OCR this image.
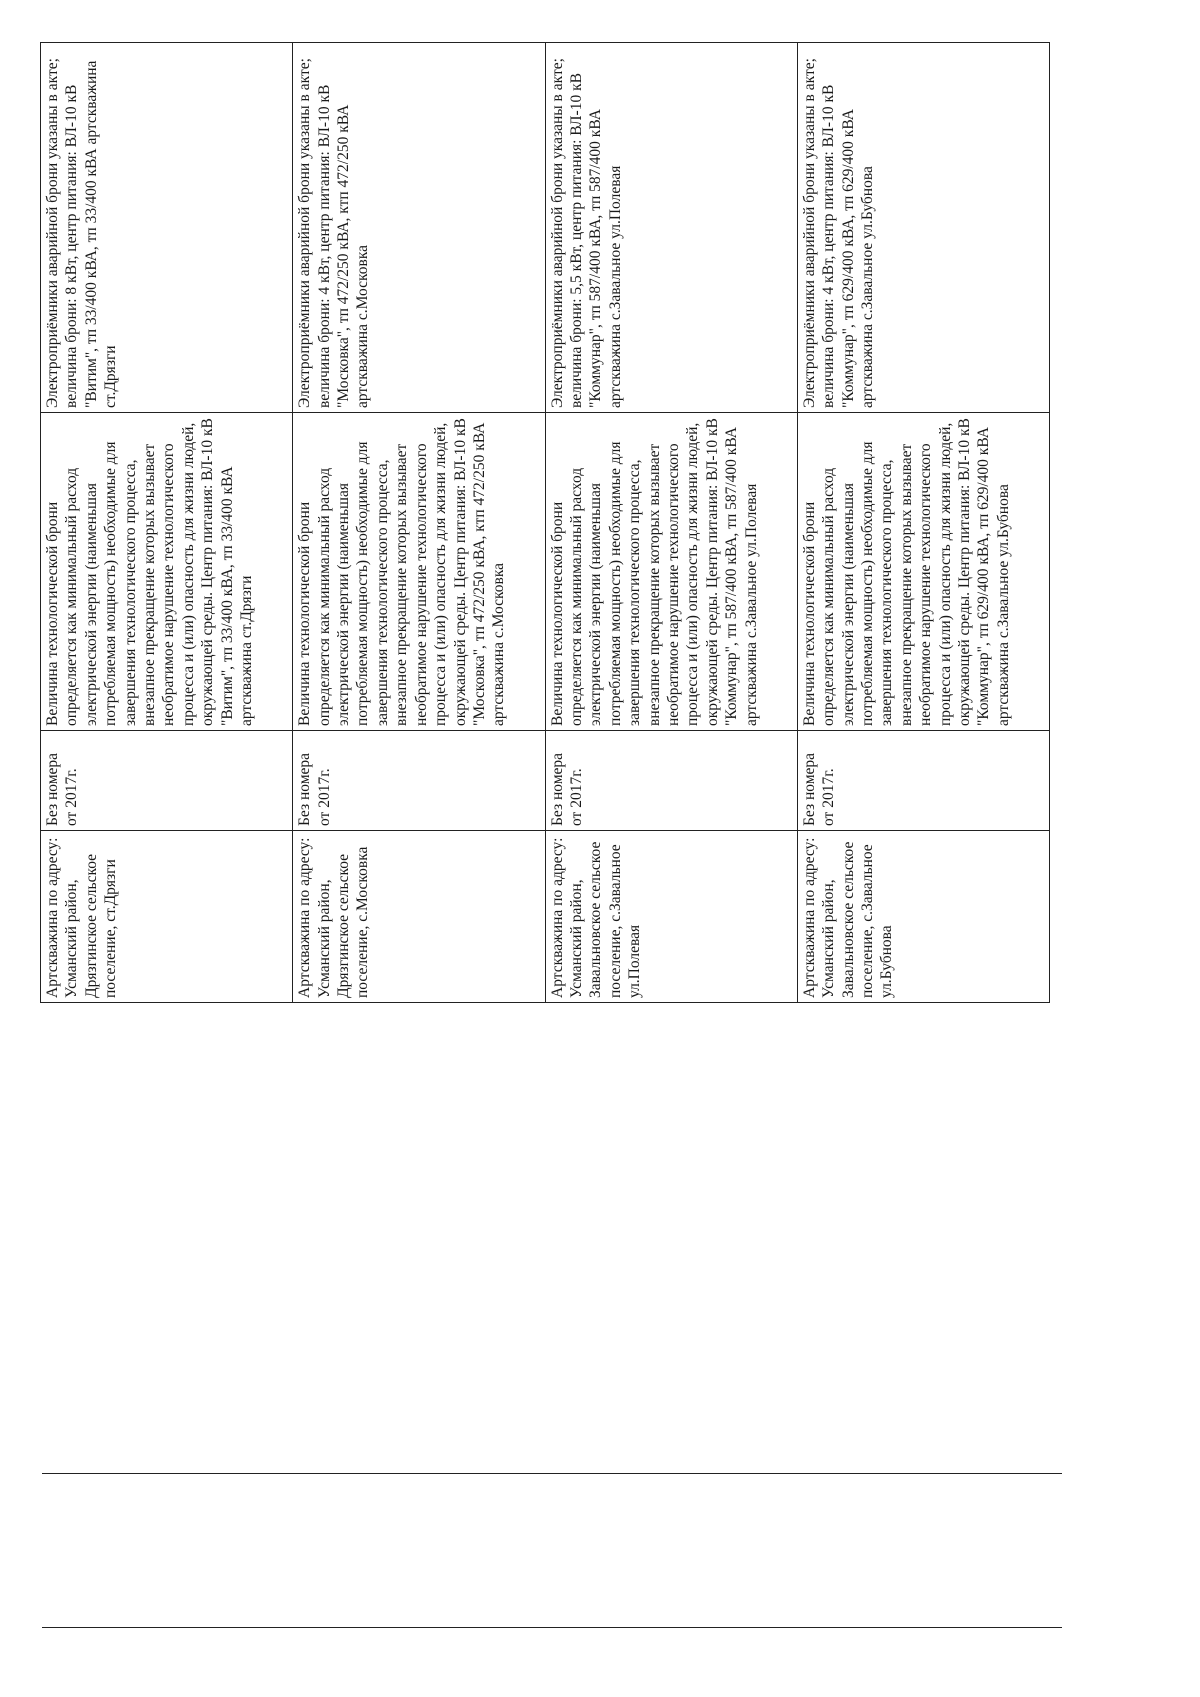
Артскважина по адресу: Усманский район, Дрязгинское сельское поселение, ст.Дрязги	Без номера от 2017г.	Величина технологической брони определяется как минимальный расход электрической энергии (наименьшая потребляемая мощность) необходимые для завершения технологического процесса, внезапное прекращение которых вызывает необратимое нарушение технологического процесса и (или) опасность для жизни людей, окружающей среды. Центр питания: ВЛ-10 кВ "Витим", тп 33/400 кВА, тп 33/400 кВА артскважина ст.Дрязги	Электроприёмники аварийной брони указаны в акте; величина брони: 8 кВт, центр питания: ВЛ-10 кВ "Витим", тп 33/400 кВА, тп 33/400 кВА артскважина ст.Дрязги
Артскважина по адресу: Усманский район, Дрязгинское сельское поселение, с.Московка	Без номера от 2017г.	Величина технологической брони определяется как минимальный расход электрической энергии (наименьшая потребляемая мощность) необходимые для завершения технологического процесса, внезапное прекращение которых вызывает необратимое нарушение технологического процесса и (или) опасность для жизни людей, окружающей среды. Центр питания: ВЛ-10 кВ "Московка", тп 472/250 кВА, ктп 472/250 кВА артскважина с.Московка	Электроприёмники аварийной брони указаны в акте; величина брони: 4 кВт, центр питания: ВЛ-10 кВ "Московка", тп 472/250 кВА, ктп 472/250 кВА артскважина с.Московка
Артскважина по адресу: Усманский район, Завальновское сельское поселение, с.Завальное ул.Полевая	Без номера от 2017г.	Величина технологической брони определяется как минимальный расход электрической энергии (наименьшая потребляемая мощность) необходимые для завершения технологического процесса, внезапное прекращение которых вызывает необратимое нарушение технологического процесса и (или) опасность для жизни людей, окружающей среды. Центр питания: ВЛ-10 кВ "Коммунар", тп 587/400 кВА, тп 587/400 кВА артскважина с.Завальное ул.Полевая	Электроприёмники аварийной брони указаны в акте; величина брони: 5,5 кВт, центр питания: ВЛ-10 кВ "Коммунар", тп 587/400 кВА, тп 587/400 кВА артскважина с.Завальное ул.Полевая
Артскважина по адресу: Усманский район, Завальновское сельское поселение, с.Завальное ул.Бубнова	Без номера от 2017г.	Величина технологической брони определяется как минимальный расход электрической энергии (наименьшая потребляемая мощность) необходимые для завершения технологического процесса, внезапное прекращение которых вызывает необратимое нарушение технологического процесса и (или) опасность для жизни людей, окружающей среды. Центр питания: ВЛ-10 кВ "Коммунар", тп 629/400 кВА, тп 629/400 кВА артскважина с.Завальное ул.Бубнова	Электроприёмники аварийной брони указаны в акте; величина брони: 4 кВт, центр питания: ВЛ-10 кВ "Коммунар", тп 629/400 кВА, тп 629/400 кВА артскважина с.Завальное ул.Бубнова
